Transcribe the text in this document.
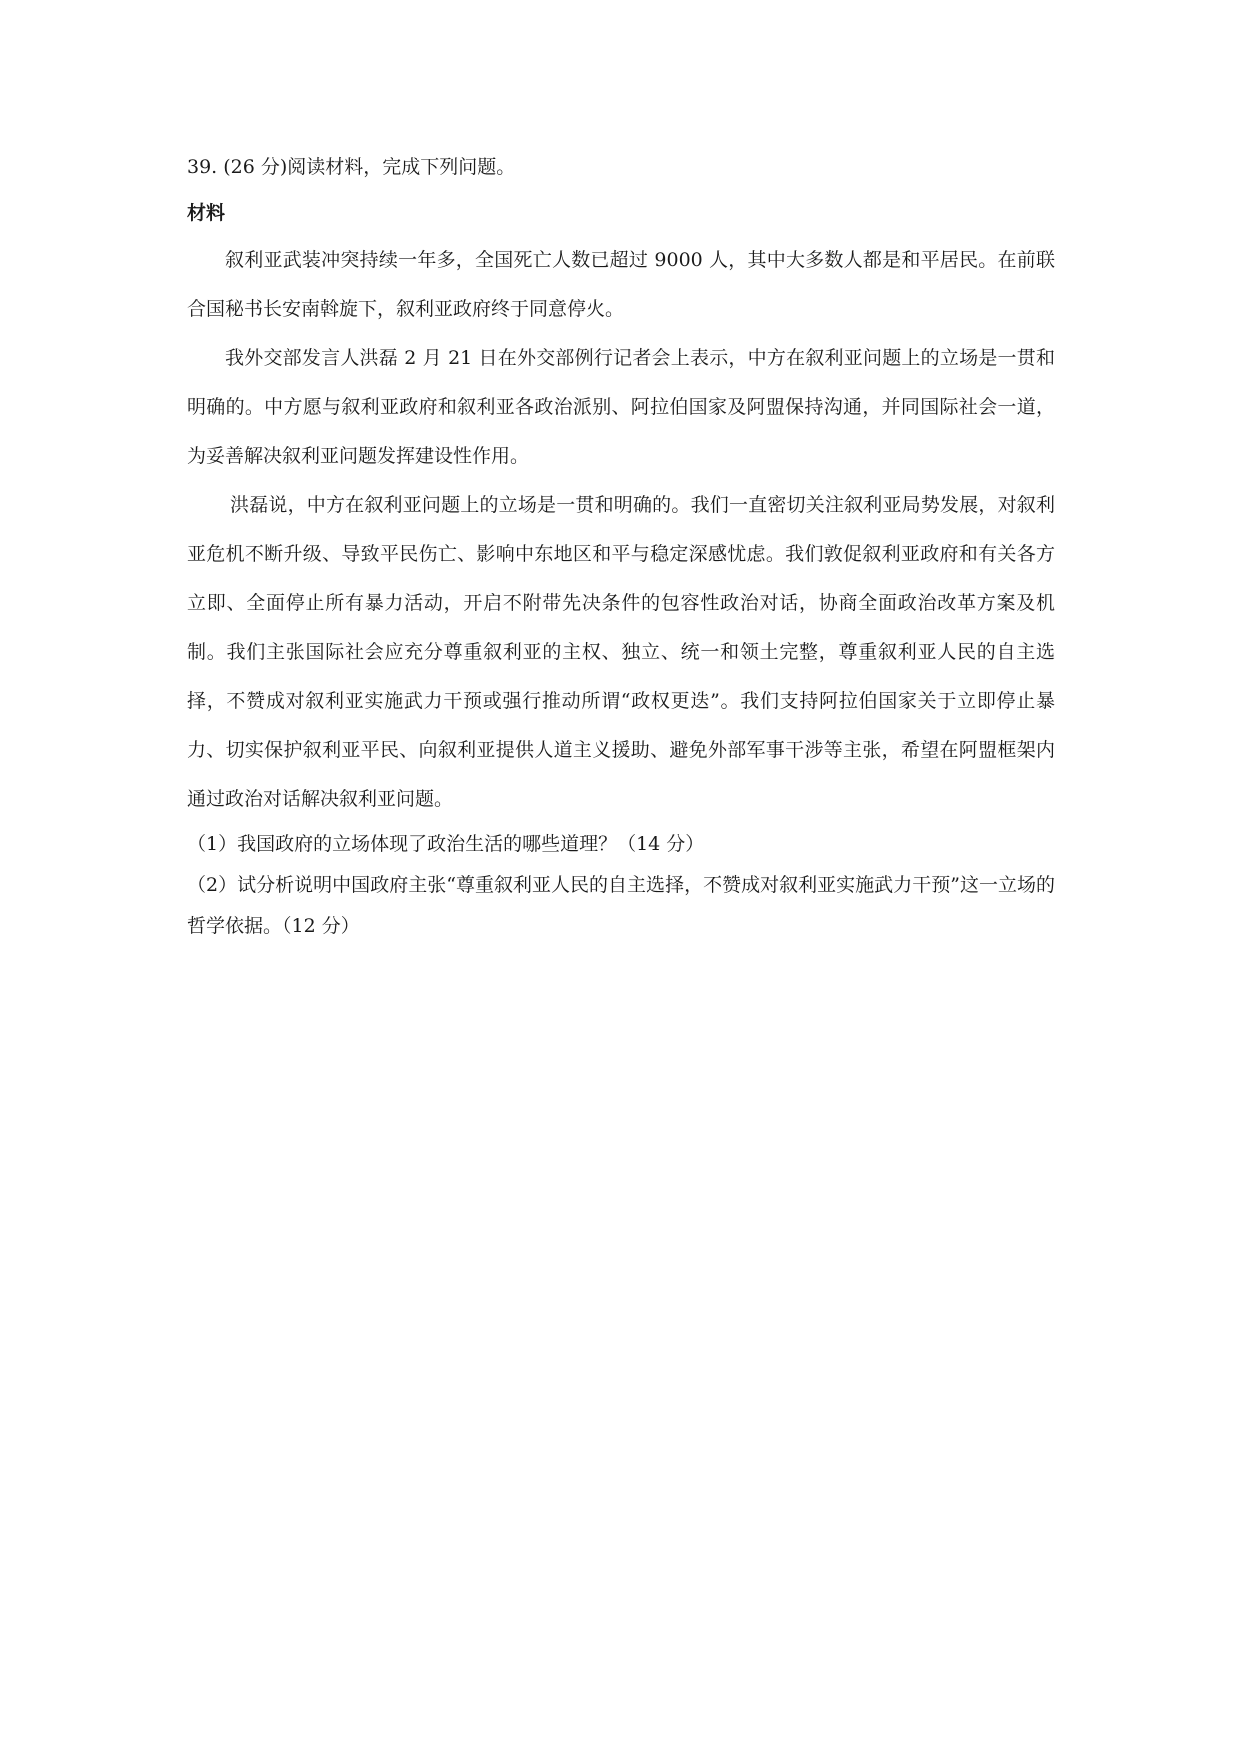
39. (26 分)阅读材料，完成下列问题。

材料

叙利亚武装冲突持续一年多，全国死亡人数已超过 9000 人，其中大多数人都是和平居民。在前联合国秘书长安南斡旋下，叙利亚政府终于同意停火。

我外交部发言人洪磊 2 月 21 日在外交部例行记者会上表示，中方在叙利亚问题上的立场是一贯和明确的。中方愿与叙利亚政府和叙利亚各政治派别、阿拉伯国家及阿盟保持沟通，并同国际社会一道，为妥善解决叙利亚问题发挥建设性作用。

洪磊说，中方在叙利亚问题上的立场是一贯和明确的。我们一直密切关注叙利亚局势发展，对叙利亚危机不断升级、导致平民伤亡、影响中东地区和平与稳定深感忧虑。我们敦促叙利亚政府和有关各方立即、全面停止所有暴力活动，开启不附带先决条件的包容性政治对话，协商全面政治改革方案及机制。我们主张国际社会应充分尊重叙利亚的主权、独立、统一和领土完整，尊重叙利亚人民的自主选择，不赞成对叙利亚实施武力干预或强行推动所谓“政权更迭”。我们支持阿拉伯国家关于立即停止暴力、切实保护叙利亚平民、向叙利亚提供人道主义援助、避免外部军事干涉等主张，希望在阿盟框架内通过政治对话解决叙利亚问题。

（1）我国政府的立场体现了政治生活的哪些道理？（14 分）

（2）试分析说明中国政府主张“尊重叙利亚人民的自主选择，不赞成对叙利亚实施武力干预”这一立场的哲学依据。（12 分）
